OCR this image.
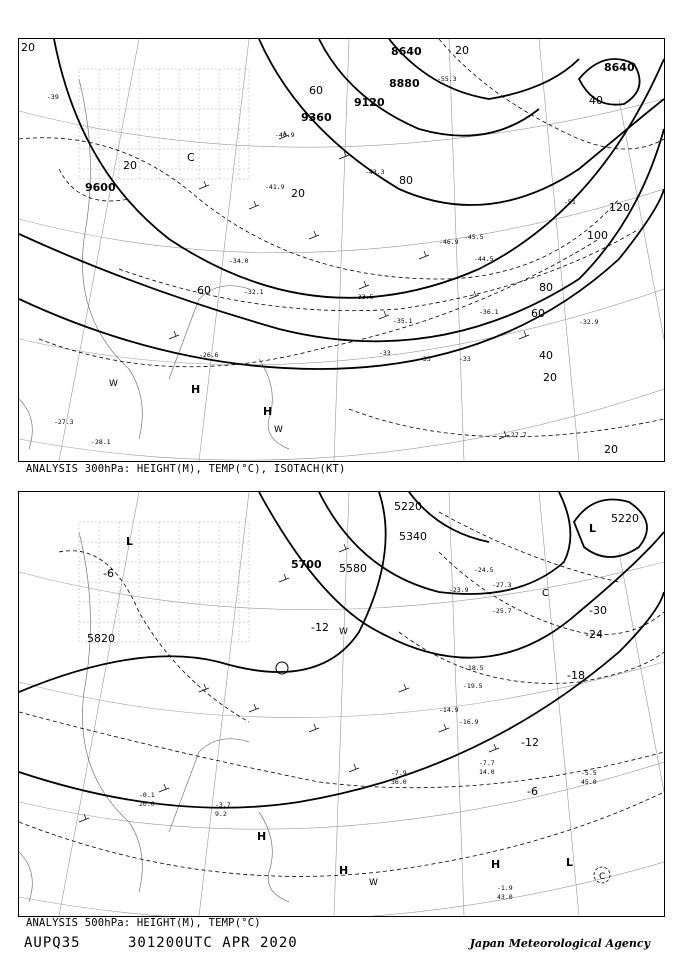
9600
9360
9120
8880
8640
8640
20
40
60
80
100
120
20
20
20
20
40
60
80
60
20
H
H
C
W
W	-27.7
-28.1
-35.1
-36.1
-33.5
-32.1
-46.9
-45.5
-44.5
-43.3
-41.9
-40.9
-32.9
-34.0
-27.3
-26.6	-33
-33	-33
-39
-51
-55.3
ANALYSIS 300hPa: HEIGHT(M), TEMP(°C), ISOTACH(KT)
5820
5700 5580
5340
5220
5220
-6
-12
-18
-24
-30
-6
-12
H
H	H	L
L
L
W
W
C
C
-1.9
43.0
-7.9
36.0
-7.7
14.0	-5.5
45.0
-3.7
9.2
-0.1
20.0
-14.9
-16.9
-18.5
-19.5
-25.7
-27.3
-23.9
-24.5
ANALYSIS 500hPa: HEIGHT(M), TEMP(°C)
AUPQ35	301200UTC APR 2020	Japan Meteorological Agency
